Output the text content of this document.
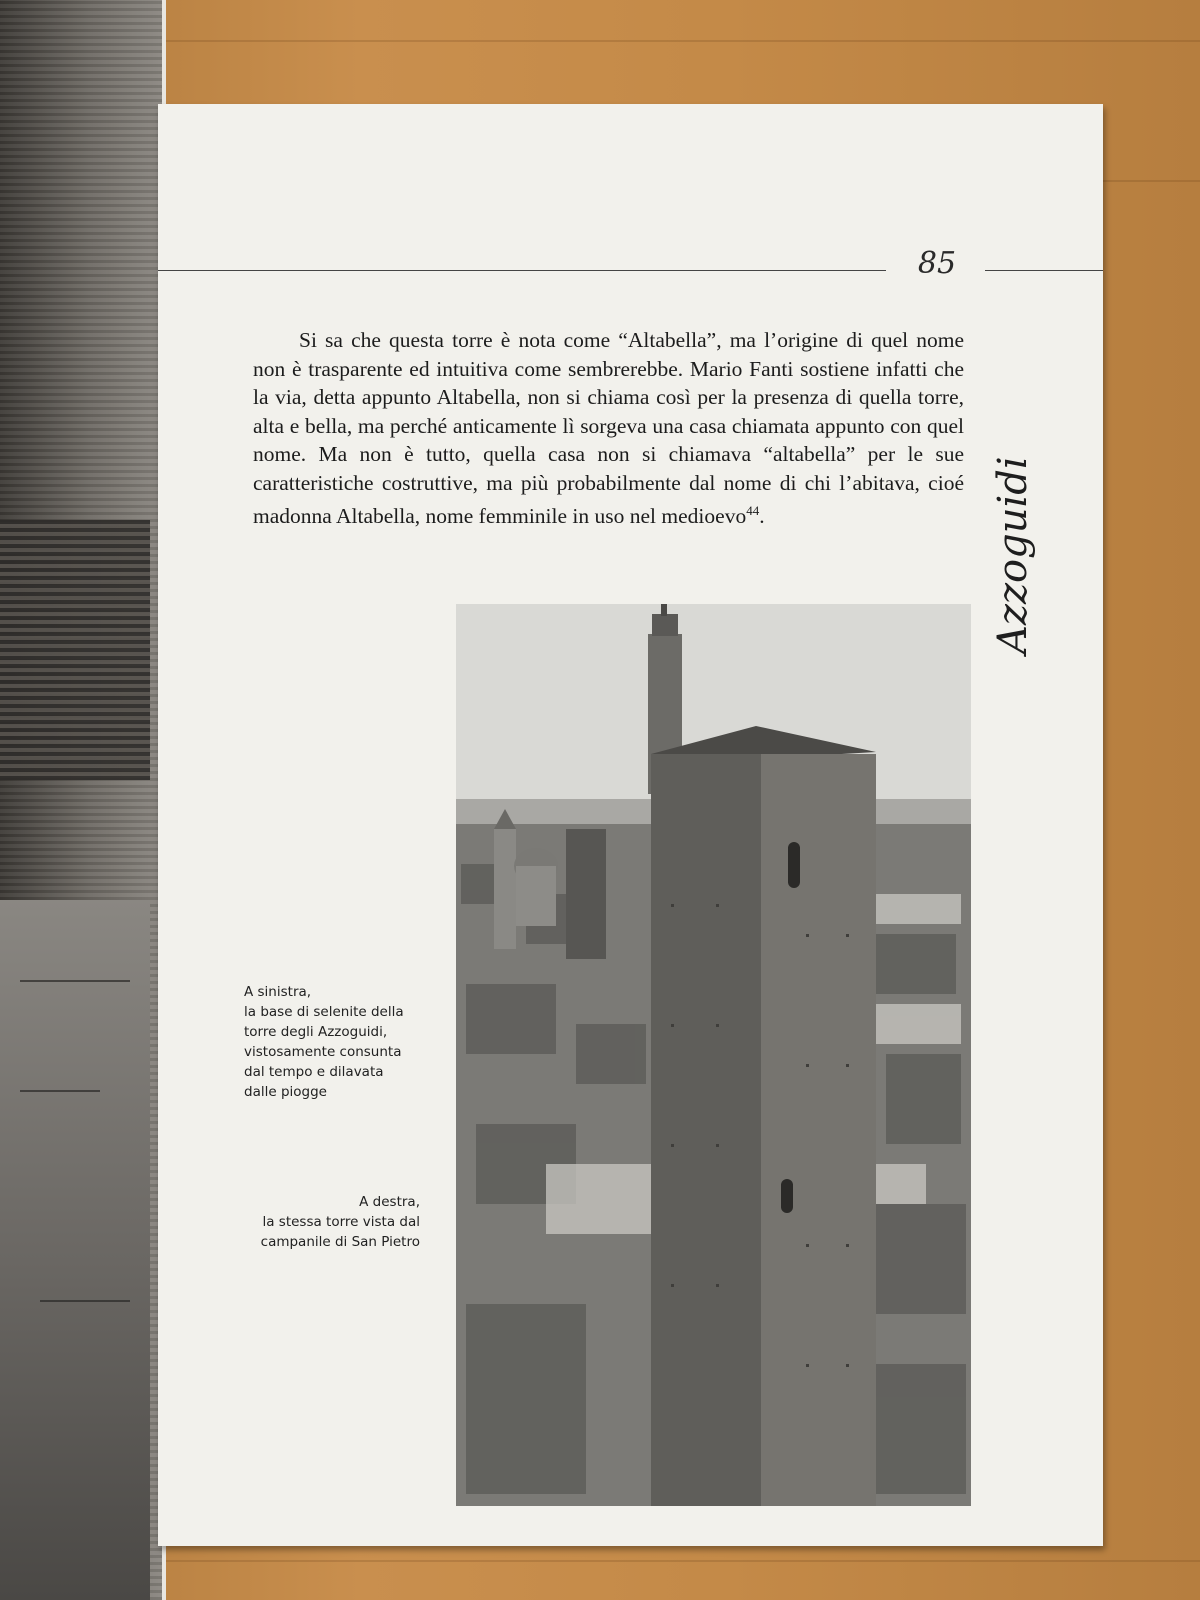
85
Azzoguidi

Si sa che questa torre è nota come “Altabella”, ma l’origine di quel nome non è trasparente ed intuitiva come sembrerebbe. Mario Fanti sostiene infatti che la via, detta appunto Altabella, non si chiama così per la presenza di quella torre, alta e bella, ma perché anticamente lì sorgeva una casa chiamata appunto con quel nome. Ma non è tutto, quella casa non si chiamava “altabella” per le sue caratteristiche costruttive, ma più probabilmente dal nome di chi l’abitava, cioé madonna Altabella, nome femminile in uso nel medioevo$^{44}$.

A sinistra,
la base di selenite della
torre degli Azzoguidi,
vistosamente consunta
dal tempo e dilavata
dalle piogge
A destra,
la stessa torre vista dal
campanile di San Pietro
